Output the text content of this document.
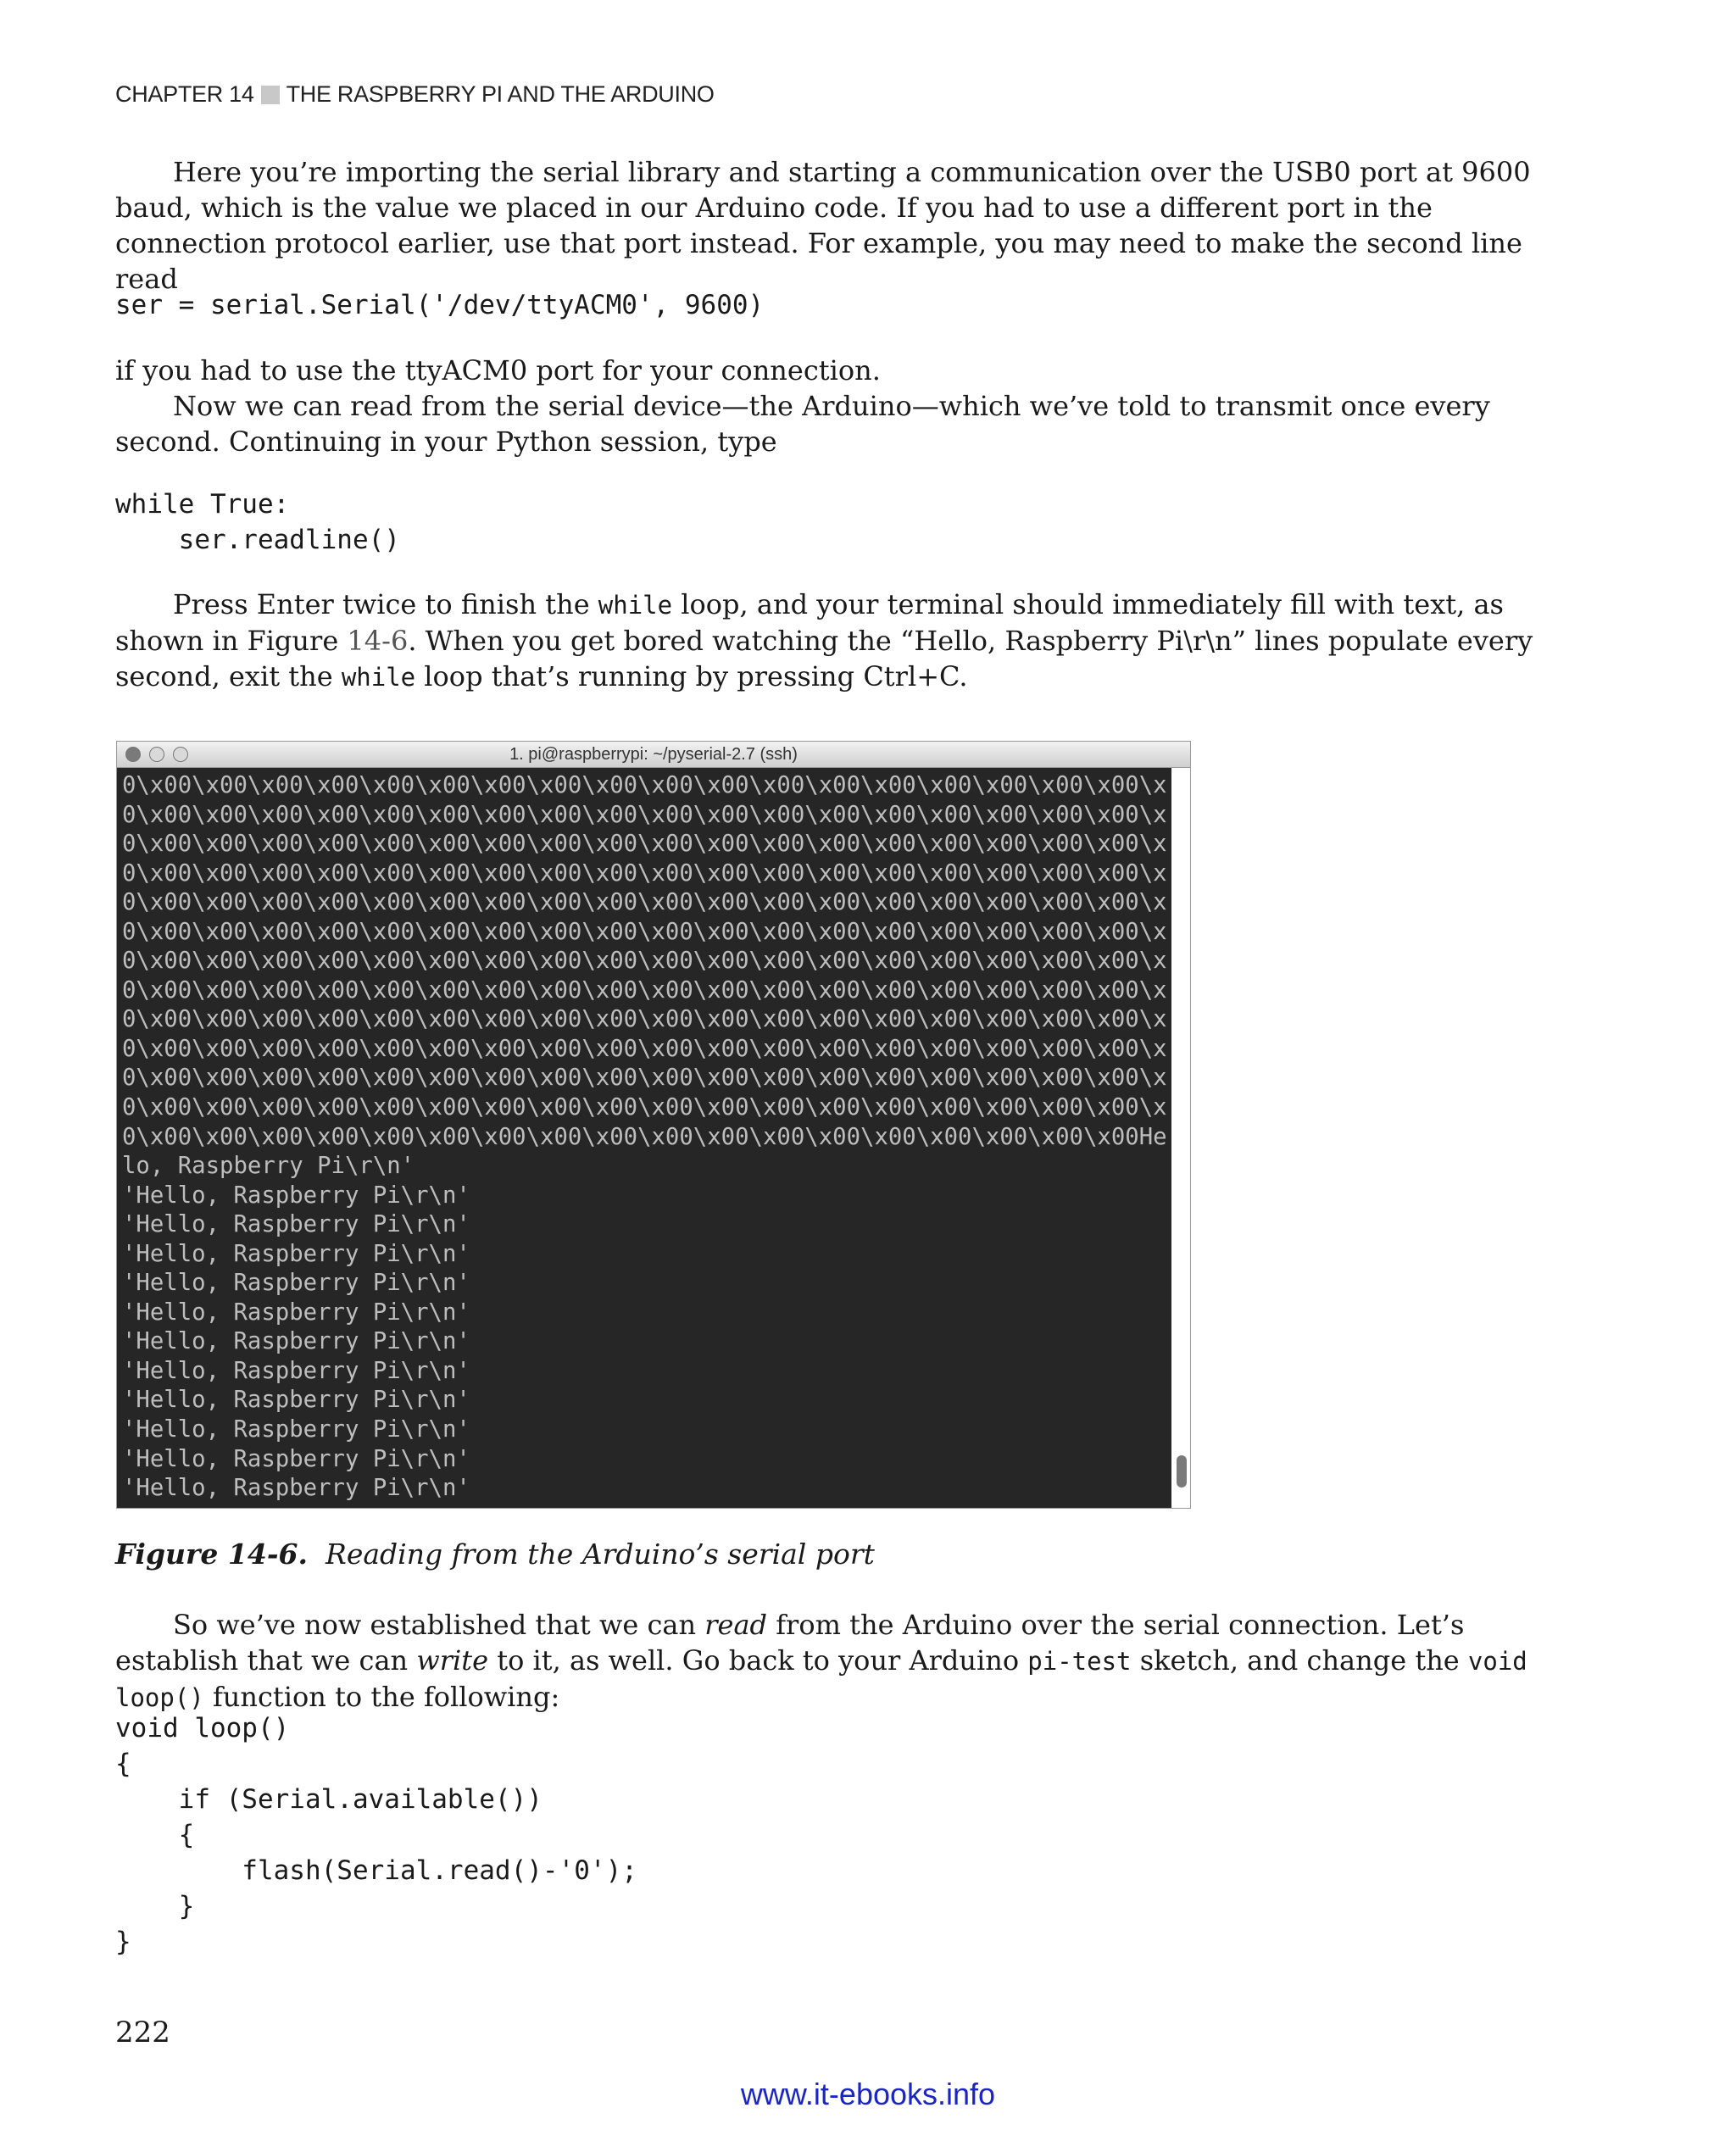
CHAPTER 14 THE RASPBERRY PI AND THE ARDUINO

Here you’re importing the serial library and starting a communication over the USB0 port at 9600 baud, which is the value we placed in our Arduino code. If you had to use a different port in the connection protocol earlier, use that port instead. For example, you may need to make the second line read

ser = serial.Serial('/dev/ttyACM0', 9600)

if you had to use the ttyACM0 port for your connection.

Now we can read from the serial device—the Arduino—which we’ve told to transmit once every second. Continuing in your Python session, type

while True:
ser.readline()

Press Enter twice to finish the while loop, and your terminal should immediately fill with text, as shown in Figure 14-6. When you get bored watching the “Hello, Raspberry Pi\r\n” lines populate every second, exit the while loop that’s running by pressing Ctrl+C.

1. pi@raspberrypi: ~/pyserial-2.7 (ssh)
0\x00\x00\x00\x00\x00\x00\x00\x00\x00\x00\x00\x00\x00\x00\x00\x00\x00\x00\x
0\x00\x00\x00\x00\x00\x00\x00\x00\x00\x00\x00\x00\x00\x00\x00\x00\x00\x00\x
0\x00\x00\x00\x00\x00\x00\x00\x00\x00\x00\x00\x00\x00\x00\x00\x00\x00\x00\x
0\x00\x00\x00\x00\x00\x00\x00\x00\x00\x00\x00\x00\x00\x00\x00\x00\x00\x00\x
0\x00\x00\x00\x00\x00\x00\x00\x00\x00\x00\x00\x00\x00\x00\x00\x00\x00\x00\x
0\x00\x00\x00\x00\x00\x00\x00\x00\x00\x00\x00\x00\x00\x00\x00\x00\x00\x00\x
0\x00\x00\x00\x00\x00\x00\x00\x00\x00\x00\x00\x00\x00\x00\x00\x00\x00\x00\x
0\x00\x00\x00\x00\x00\x00\x00\x00\x00\x00\x00\x00\x00\x00\x00\x00\x00\x00\x
0\x00\x00\x00\x00\x00\x00\x00\x00\x00\x00\x00\x00\x00\x00\x00\x00\x00\x00\x
0\x00\x00\x00\x00\x00\x00\x00\x00\x00\x00\x00\x00\x00\x00\x00\x00\x00\x00\x
0\x00\x00\x00\x00\x00\x00\x00\x00\x00\x00\x00\x00\x00\x00\x00\x00\x00\x00\x
0\x00\x00\x00\x00\x00\x00\x00\x00\x00\x00\x00\x00\x00\x00\x00\x00\x00\x00\x
0\x00\x00\x00\x00\x00\x00\x00\x00\x00\x00\x00\x00\x00\x00\x00\x00\x00\x00He
lo, Raspberry Pi\r\n'
'Hello, Raspberry Pi\r\n'
'Hello, Raspberry Pi\r\n'
'Hello, Raspberry Pi\r\n'
'Hello, Raspberry Pi\r\n'
'Hello, Raspberry Pi\r\n'
'Hello, Raspberry Pi\r\n'
'Hello, Raspberry Pi\r\n'
'Hello, Raspberry Pi\r\n'
'Hello, Raspberry Pi\r\n'
'Hello, Raspberry Pi\r\n'
'Hello, Raspberry Pi\r\n'

Figure 14-6. Reading from the Arduino’s serial port

So we’ve now established that we can read from the Arduino over the serial connection. Let’s establish that we can write to it, as well. Go back to your Arduino pi-test sketch, and change the void loop() function to the following:

void loop()
{
if (Serial.available())
{
flash(Serial.read()-'0');
}
}

222

www.it-ebooks.info
